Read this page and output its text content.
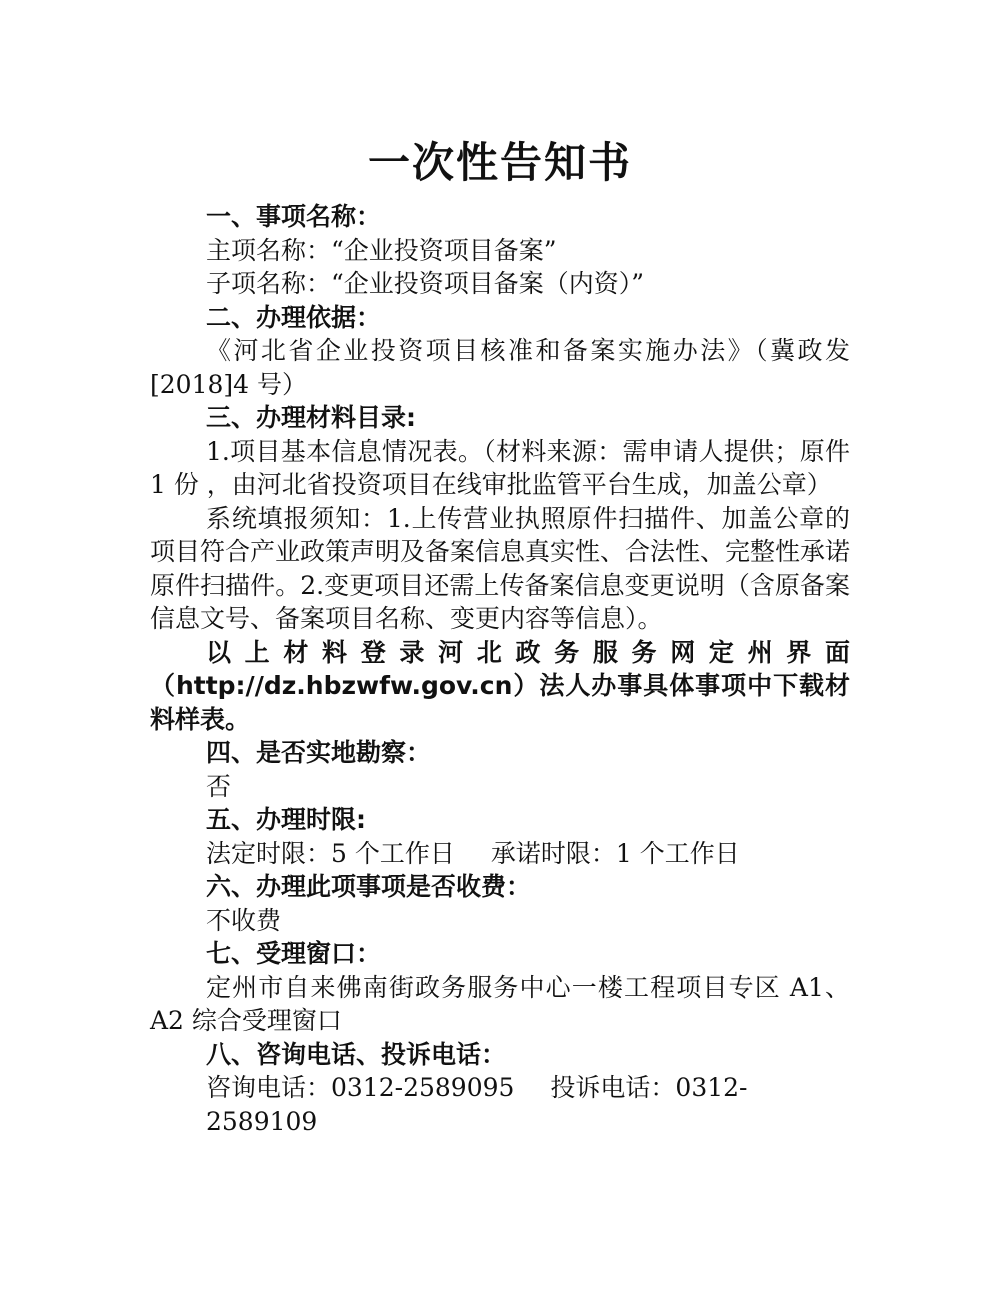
一次性告知书

一、事项名称：

主项名称：“企业投资项目备案”

子项名称：“企业投资项目备案（内资）”

二、办理依据：

《河北省企业投资项目核准和备案实施办法》（冀政发[2018]4 号）

三、办理材料目录:

1.项目基本信息情况表。（材料来源：需申请人提供；原件 1 份 ，由河北省投资项目在线审批监管平台生成，加盖公章）

系统填报须知：1.上传营业执照原件扫描件、加盖公章的项目符合产业政策声明及备案信息真实性、合法性、完整性承诺原件扫描件。2.变更项目还需上传备案信息变更说明（含原备案信息文号、备案项目名称、变更内容等信息）。

以上材料登录河北政务服务网定州界面（http://dz.hbzwfw.gov.cn）法人办事具体事项中下载材料样表。

四、是否实地勘察：

否

五、办理时限:

法定时限：5 个工作日 承诺时限：1 个工作日

六、办理此项事项是否收费：

不收费

七、受理窗口：

定州市自来佛南街政务服务中心一楼工程项目专区 A1、A2 综合受理窗口

八、咨询电话、投诉电话：

咨询电话：0312-2589095 投诉电话：0312-2589109
